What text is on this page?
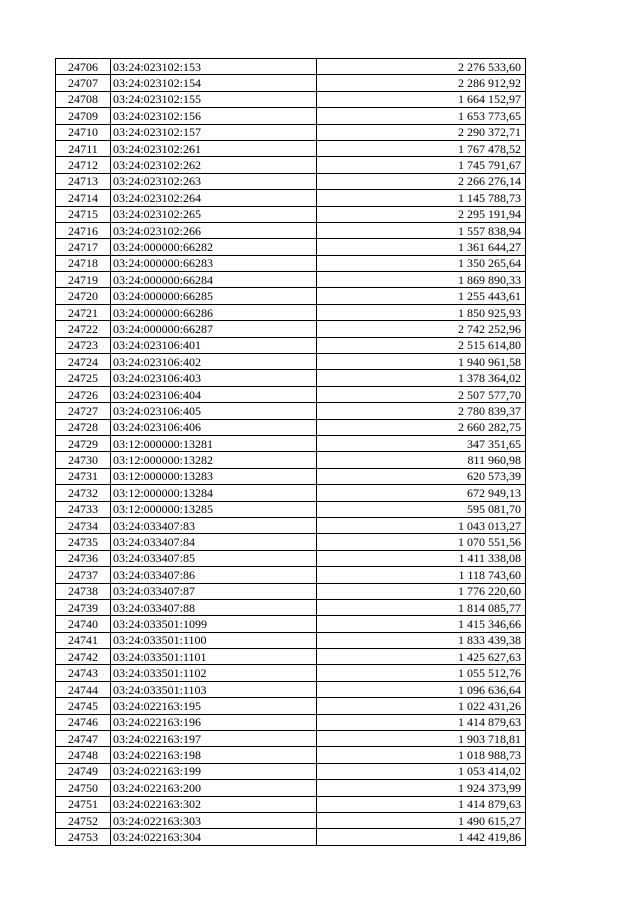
24706	03:24:023102:153	2 276 533,60
24707	03:24:023102:154	2 286 912,92
24708	03:24:023102:155	1 664 152,97
24709	03:24:023102:156	1 653 773,65
24710	03:24:023102:157	2 290 372,71
24711	03:24:023102:261	1 767 478,52
24712	03:24:023102:262	1 745 791,67
24713	03:24:023102:263	2 266 276,14
24714	03:24:023102:264	1 145 788,73
24715	03:24:023102:265	2 295 191,94
24716	03:24:023102:266	1 557 838,94
24717	03:24:000000:66282	1 361 644,27
24718	03:24:000000:66283	1 350 265,64
24719	03:24:000000:66284	1 869 890,33
24720	03:24:000000:66285	1 255 443,61
24721	03:24:000000:66286	1 850 925,93
24722	03:24:000000:66287	2 742 252,96
24723	03:24:023106:401	2 515 614,80
24724	03:24:023106:402	1 940 961,58
24725	03:24:023106:403	1 378 364,02
24726	03:24:023106:404	2 507 577,70
24727	03:24:023106:405	2 780 839,37
24728	03:24:023106:406	2 660 282,75
24729	03:12:000000:13281	347 351,65
24730	03:12:000000:13282	811 960,98
24731	03:12:000000:13283	620 573,39
24732	03:12:000000:13284	672 949,13
24733	03:12:000000:13285	595 081,70
24734	03:24:033407:83	1 043 013,27
24735	03:24:033407:84	1 070 551,56
24736	03:24:033407:85	1 411 338,08
24737	03:24:033407:86	1 118 743,60
24738	03:24:033407:87	1 776 220,60
24739	03:24:033407:88	1 814 085,77
24740	03:24:033501:1099	1 415 346,66
24741	03:24:033501:1100	1 833 439,38
24742	03:24:033501:1101	1 425 627,63
24743	03:24:033501:1102	1 055 512,76
24744	03:24:033501:1103	1 096 636,64
24745	03:24:022163:195	1 022 431,26
24746	03:24:022163:196	1 414 879,63
24747	03:24:022163:197	1 903 718,81
24748	03:24:022163:198	1 018 988,73
24749	03:24:022163:199	1 053 414,02
24750	03:24:022163:200	1 924 373,99
24751	03:24:022163:302	1 414 879,63
24752	03:24:022163:303	1 490 615,27
24753	03:24:022163:304	1 442 419,86
